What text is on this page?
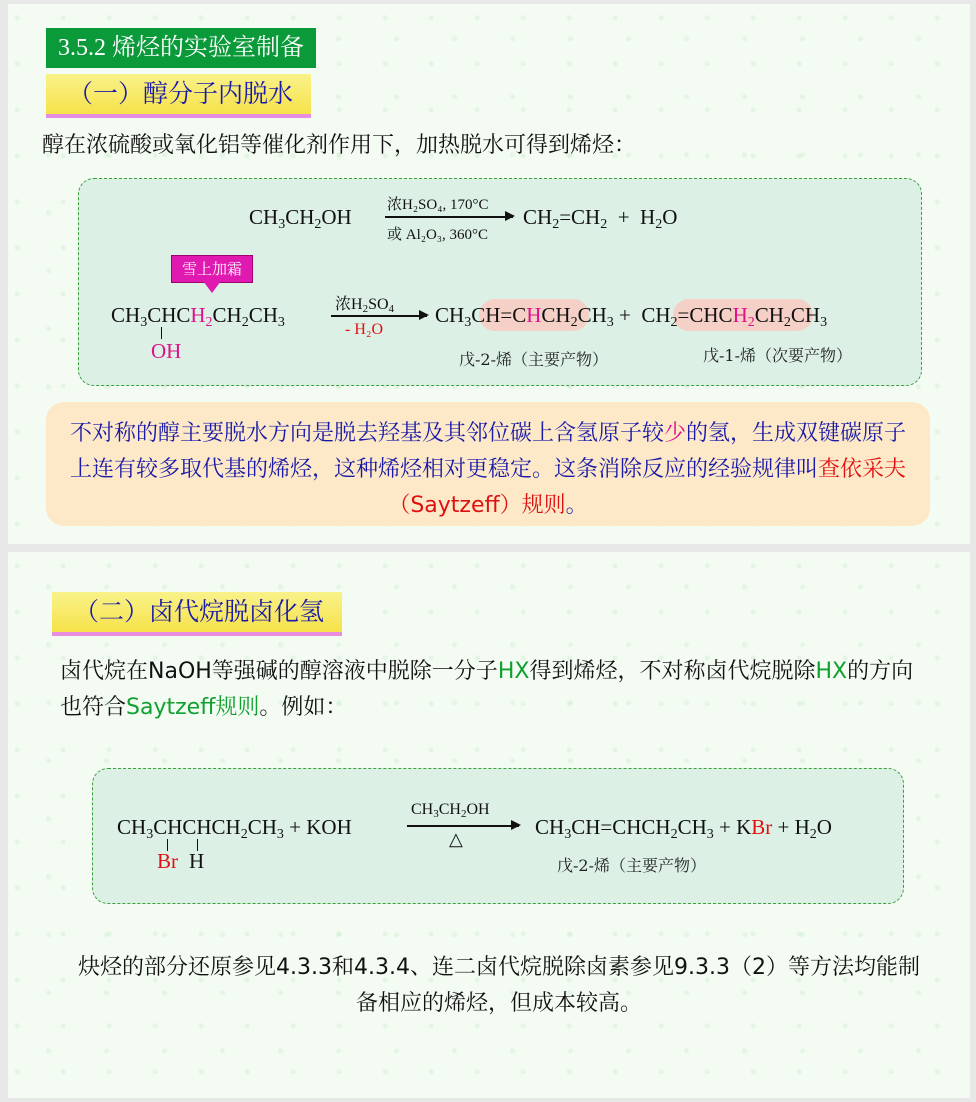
3.5.2 烯烃的实验室制备
（一）醇分子内脱水
醇在浓硫酸或氧化铝等催化剂作用下，加热脱水可得到烯烃：
$CH_3CH_2OH$ 浓H₂SO₄, 170°C
或 Al₂O₃, 360°C
$CH_2=CH_2 + H_2O$
雪上加霜
$CH_3CHCH_2CH_2CH_3$
OH
浓$H_2SO_4$
- H₂O
$CH_3CH=CHCH_2CH_3$ +  $CH_2=CHCH_2CH_2CH_3$
戊-2-烯（主要产物）	戊-1-烯（次要产物）
不对称的醇主要脱水方向是脱去羟基及其邻位碳上含氢原子较少的氢，生成双键碳原子上连有较多取代基的烯烃，这种烯烃相对更稳定。这条消除反应的经验规律叫查依采夫（Saytzeff）规则。
（二）卤代烷脱卤化氢
卤代烷在NaOH等强碱的醇溶液中脱除一分子HX得到烯烃，不对称卤代烷脱除HX的方向也符合Saytzeff规则。例如：
$CH_3CHCHCH_2CH_3$ + KOH
Br H
$CH_3CH_2OH$
△	$CH_3CH=CHCH_2CH_3$ + KBr + $H_2O$
戊-2-烯（主要产物）
炔烃的部分还原参见4.3.3和4.3.4、连二卤代烷脱除卤素参见9.3.3（2）等方法均能制备相应的烯烃，但成本较高。
